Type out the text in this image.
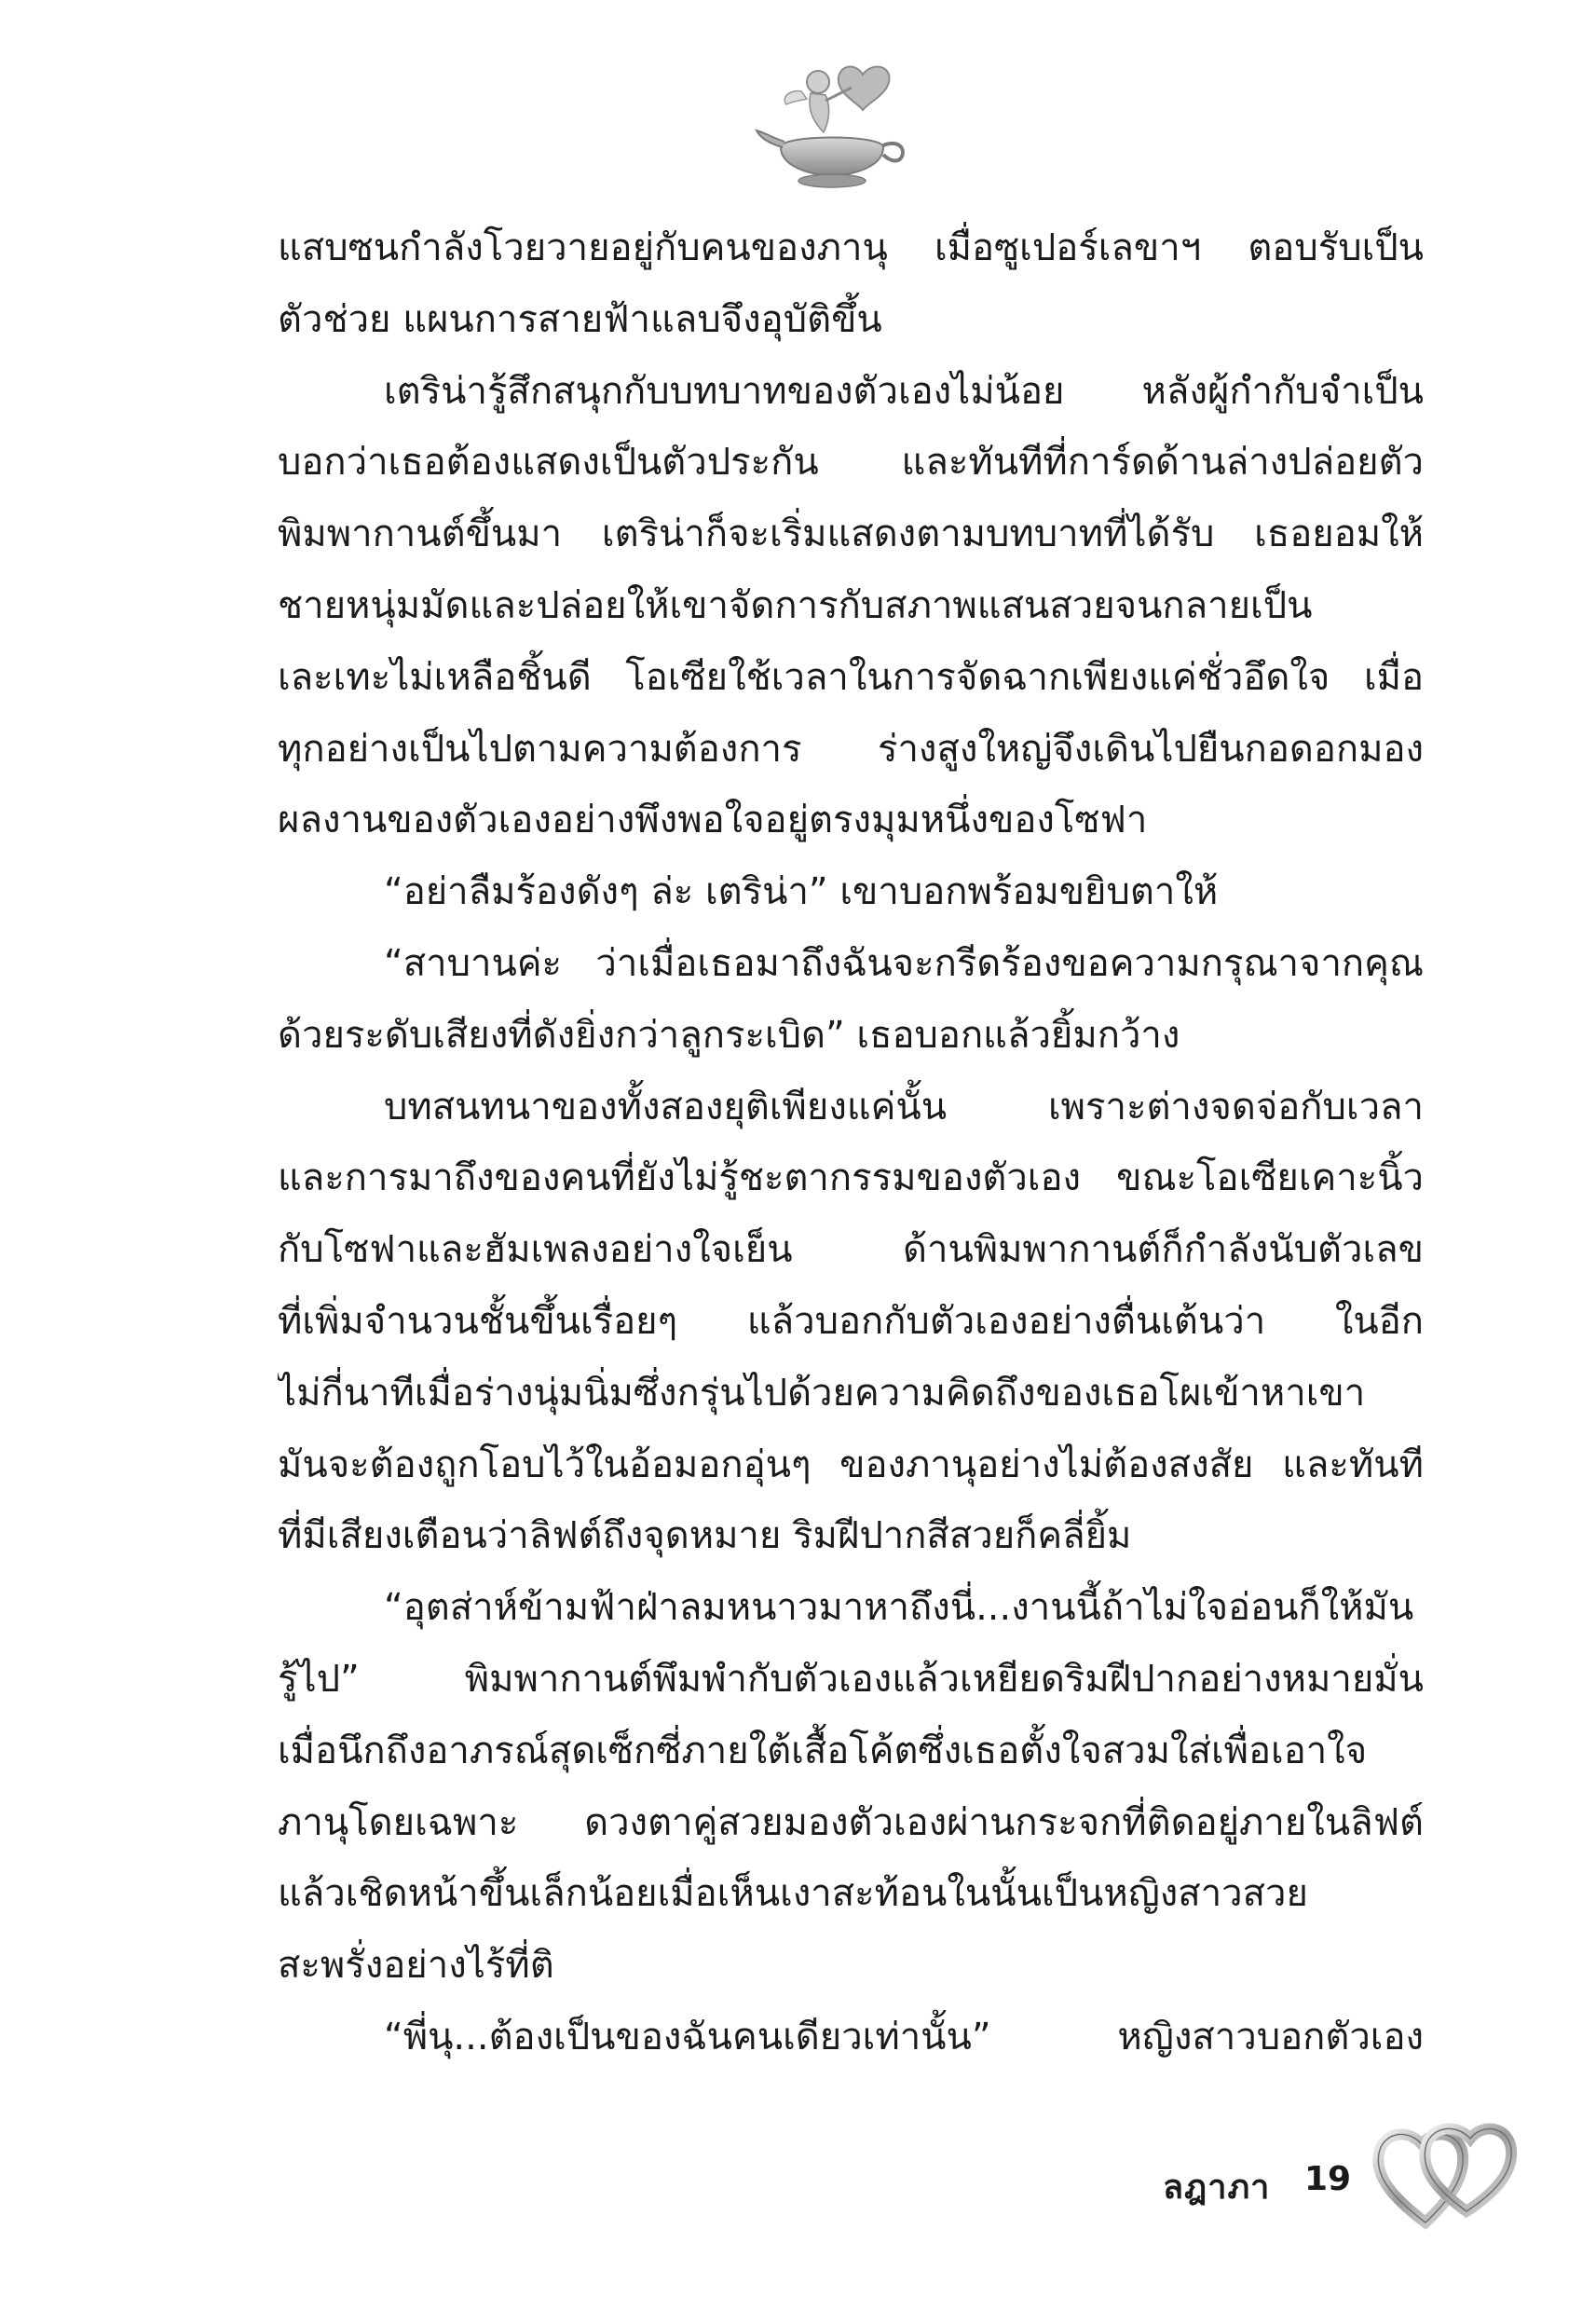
แสบซนกำลังโวยวายอยู่กับคนของภานุ เมื่อซูเปอร์เลขาฯ ตอบรับเป็น
ตัวช่วย แผนการสายฟ้าแลบจึงอุบัติขึ้น
เตริน่ารู้สึกสนุกกับบทบาทของตัวเองไม่น้อย หลังผู้กำกับจำเป็น
บอกว่าเธอต้องแสดงเป็นตัวประกัน และทันทีที่การ์ดด้านล่างปล่อยตัว
พิมพากานต์ขึ้นมา เตริน่าก็จะเริ่มแสดงตามบทบาทที่ได้รับ เธอยอมให้
ชายหนุ่มมัดและปล่อยให้เขาจัดการกับสภาพแสนสวยจนกลายเป็น
เละเทะไม่เหลือชิ้นดี โอเซียใช้เวลาในการจัดฉากเพียงแค่ชั่วอึดใจ เมื่อ
ทุกอย่างเป็นไปตามความต้องการ ร่างสูงใหญ่จึงเดินไปยืนกอดอกมอง
ผลงานของตัวเองอย่างพึงพอใจอยู่ตรงมุมหนึ่งของโซฟา
“อย่าลืมร้องดังๆ ล่ะ เตริน่า” เขาบอกพร้อมขยิบตาให้
“สาบานค่ะ ว่าเมื่อเธอมาถึงฉันจะกรีดร้องขอความกรุณาจากคุณ
ด้วยระดับเสียงที่ดังยิ่งกว่าลูกระเบิด” เธอบอกแล้วยิ้มกว้าง
บทสนทนาของทั้งสองยุติเพียงแค่นั้น เพราะต่างจดจ่อกับเวลา
และการมาถึงของคนที่ยังไม่รู้ชะตากรรมของตัวเอง ขณะโอเซียเคาะนิ้ว
กับโซฟาและฮัมเพลงอย่างใจเย็น ด้านพิมพากานต์ก็กำลังนับตัวเลข
ที่เพิ่มจำนวนชั้นขึ้นเรื่อยๆ แล้วบอกกับตัวเองอย่างตื่นเต้นว่า ในอีก
ไม่กี่นาทีเมื่อร่างนุ่มนิ่มซึ่งกรุ่นไปด้วยความคิดถึงของเธอโผเข้าหาเขา
มันจะต้องถูกโอบไว้ในอ้อมอกอุ่นๆ ของภานุอย่างไม่ต้องสงสัย และทันที
ที่มีเสียงเตือนว่าลิฟต์ถึงจุดหมาย ริมฝีปากสีสวยก็คลี่ยิ้ม
“อุตส่าห์ข้ามฟ้าฝ่าลมหนาวมาหาถึงนี่...งานนี้ถ้าไม่ใจอ่อนก็ให้มัน
รู้ไป” พิมพากานต์พึมพำกับตัวเองแล้วเหยียดริมฝีปากอย่างหมายมั่น
เมื่อนึกถึงอาภรณ์สุดเซ็กซี่ภายใต้เสื้อโค้ตซึ่งเธอตั้งใจสวมใส่เพื่อเอาใจ
ภานุโดยเฉพาะ ดวงตาคู่สวยมองตัวเองผ่านกระจกที่ติดอยู่ภายในลิฟต์
แล้วเชิดหน้าขึ้นเล็กน้อยเมื่อเห็นเงาสะท้อนในนั้นเป็นหญิงสาวสวย
สะพรั่งอย่างไร้ที่ติ
“พี่นุ...ต้องเป็นของฉันคนเดียวเท่านั้น” หญิงสาวบอกตัวเอง
ลฎาภา 19
